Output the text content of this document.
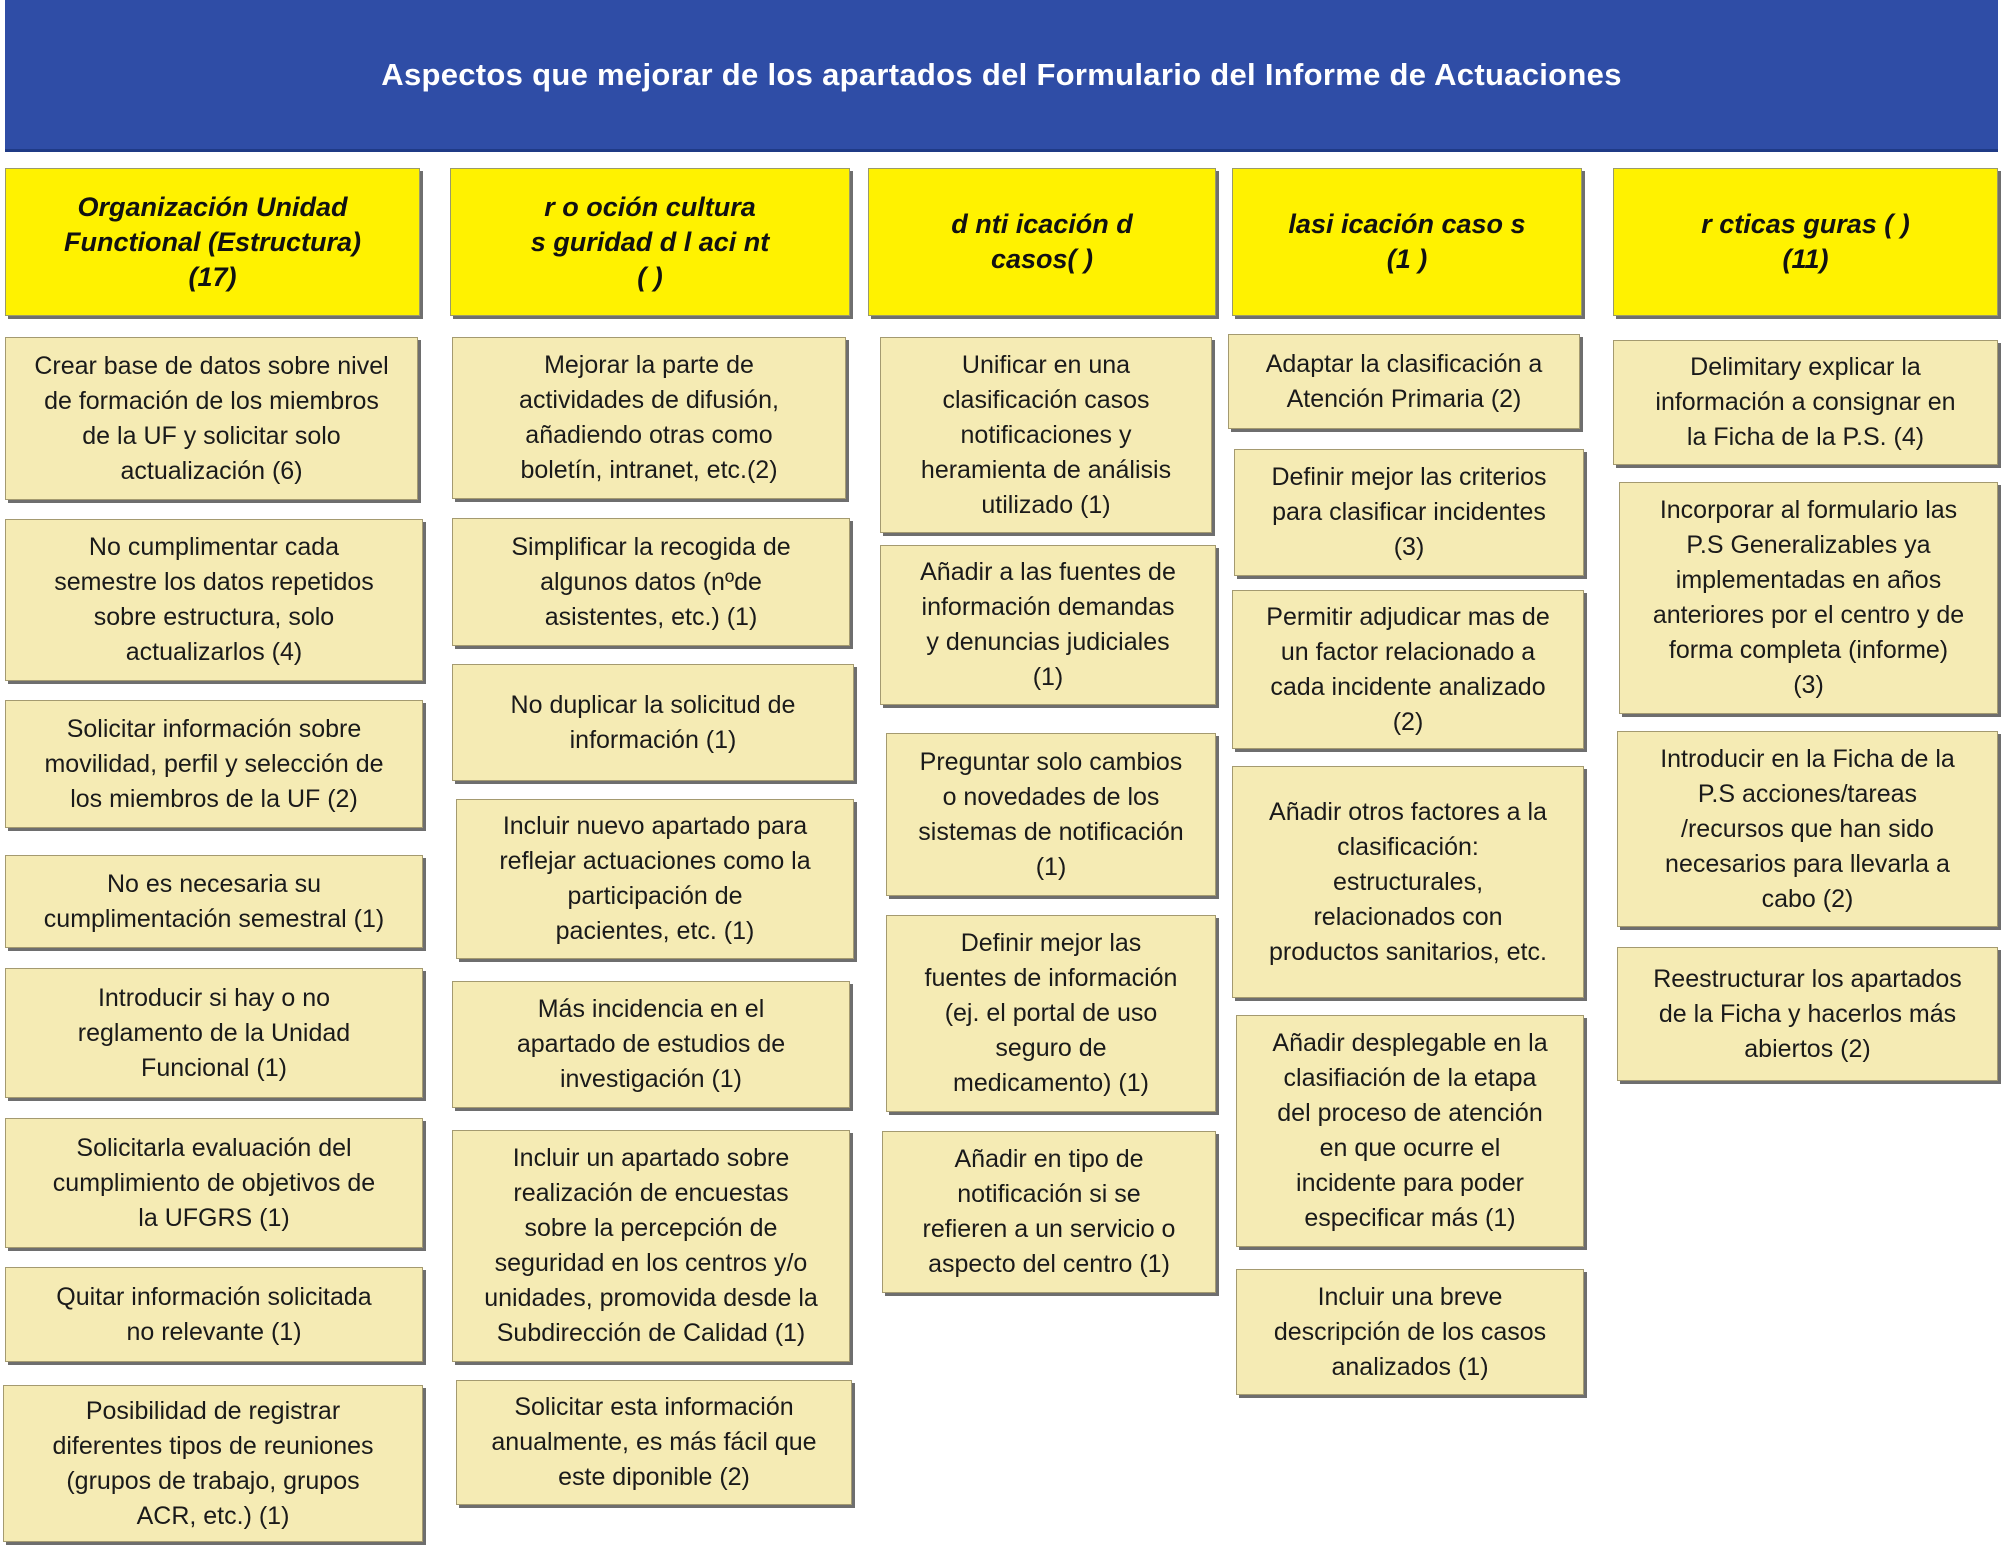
Aspectos que mejorar de los apartados del Formulario del Informe de Actuaciones
Organización Unidad
Functional (Estructura)
(17)
Crear base de datos sobre nivel
de formación de los miembros
de la UF y solicitar solo
actualización (6)
No cumplimentar cada
semestre los datos repetidos
sobre estructura, solo
actualizarlos (4)
Solicitar información sobre
movilidad, perfil y selección de
los miembros de la UF (2)
No es necesaria su
cumplimentación semestral (1)
Introducir si hay o no
reglamento de la Unidad
Funcional (1)
Solicitarla evaluación del
cumplimiento de objetivos de
la UFGRS (1)
Quitar información solicitada
no relevante (1)
Posibilidad de registrar
diferentes tipos de reuniones
(grupos de trabajo, grupos
ACR, etc.) (1)
r o oción cultura
s guridad d l aci nt
( )
Mejorar la parte de
actividades de difusión,
añadiendo otras como
boletín, intranet, etc.(2)
Simplificar la recogida de
algunos datos (nºde
asistentes, etc.) (1)
No duplicar la solicitud de
información (1)
Incluir nuevo apartado para
reflejar actuaciones como la
participación de
pacientes, etc. (1)
Más incidencia en el
apartado de estudios de
investigación (1)
Incluir un apartado sobre
realización de encuestas
sobre la percepción de
seguridad en los centros y/o
unidades, promovida desde la
Subdirección de Calidad (1)
Solicitar esta información
anualmente, es más fácil que
este diponible (2)
d nti icación d
casos( )
Unificar en una
clasificación casos
notificaciones y
heramienta de análisis
utilizado (1)
Añadir a las fuentes de
información demandas
y denuncias judiciales
(1)
Preguntar solo cambios
o novedades de los
sistemas de notificación
(1)
Definir mejor las
fuentes de información
(ej. el portal de uso
seguro de
medicamento) (1)
Añadir en tipo de
notificación si se
refieren a un servicio o
aspecto del centro (1)
lasi icación caso s
(1 )
Adaptar la clasificación a
Atención Primaria (2)
Definir mejor las criterios
para clasificar incidentes
(3)
Permitir adjudicar mas de
un factor relacionado a
cada incidente analizado
(2)
Añadir otros factores a la
clasificación:
estructurales,
relacionados con
productos sanitarios, etc.
Añadir desplegable en la
clasifiación de la etapa
del proceso de atención
en que ocurre el
incidente para poder
especificar más (1)
Incluir una breve
descripción de los casos
analizados (1)
r cticas guras ( )
(11)
Delimitary explicar la
información a consignar en
la Ficha de la P.S. (4)
Incorporar al formulario las
P.S Generalizables ya
implementadas en años
anteriores por el centro y de
forma completa (informe)
(3)
Introducir en la Ficha de la
P.S acciones/tareas
/recursos que han sido
necesarios para llevarla a
cabo (2)
Reestructurar los apartados
de la Ficha y hacerlos más
abiertos (2)
